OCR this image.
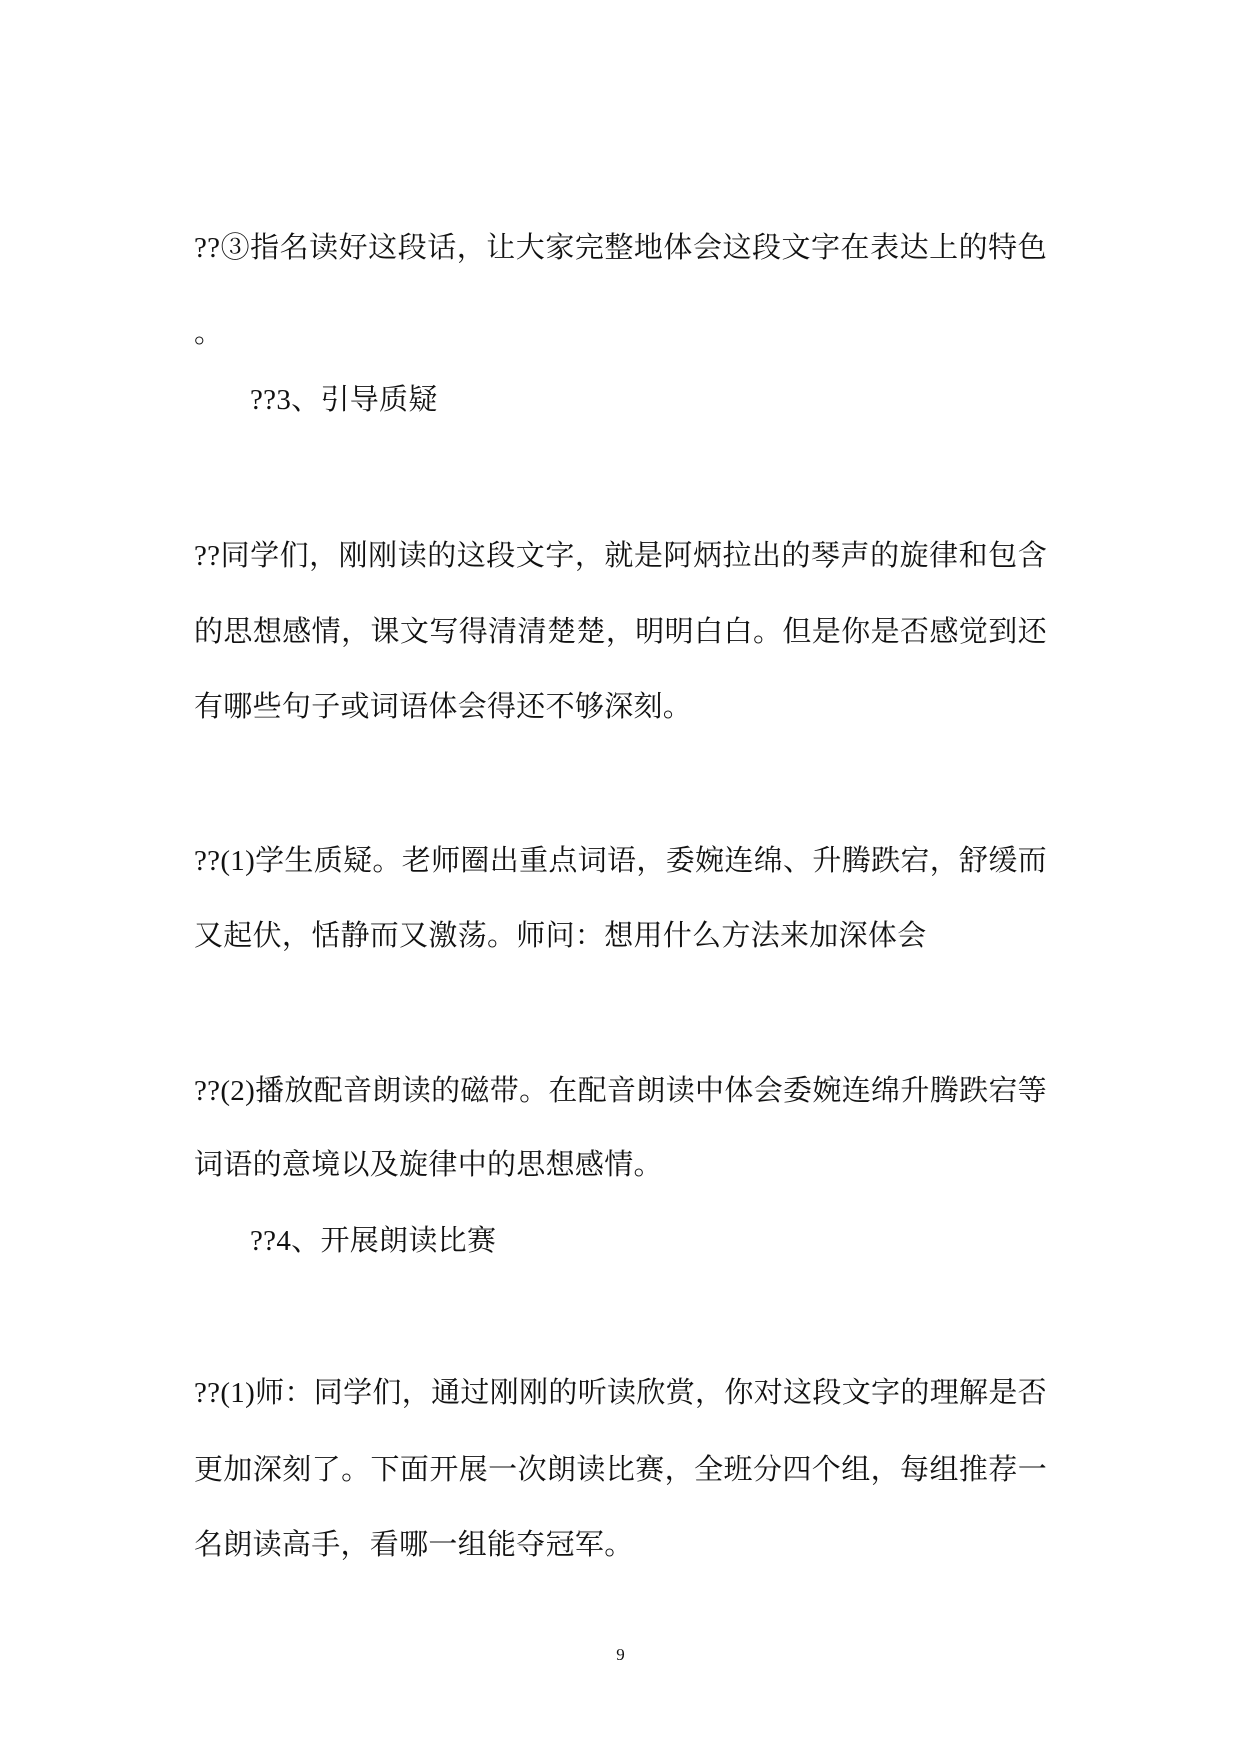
??③指名读好这段话，让大家完整地体会这段文字在表达上的特色
。
??3、引导质疑
??同学们，刚刚读的这段文字，就是阿炳拉出的琴声的旋律和包含
的思想感情，课文写得清清楚楚，明明白白。但是你是否感觉到还
有哪些句子或词语体会得还不够深刻。
??(1)学生质疑。老师圈出重点词语，委婉连绵、升腾跌宕，舒缓而
又起伏，恬静而又激荡。师问：想用什么方法来加深体会
??(2)播放配音朗读的磁带。在配音朗读中体会委婉连绵升腾跌宕等
词语的意境以及旋律中的思想感情。
??4、开展朗读比赛
??(1)师：同学们，通过刚刚的听读欣赏，你对这段文字的理解是否
更加深刻了。下面开展一次朗读比赛，全班分四个组，每组推荐一
名朗读高手，看哪一组能夺冠军。
9
